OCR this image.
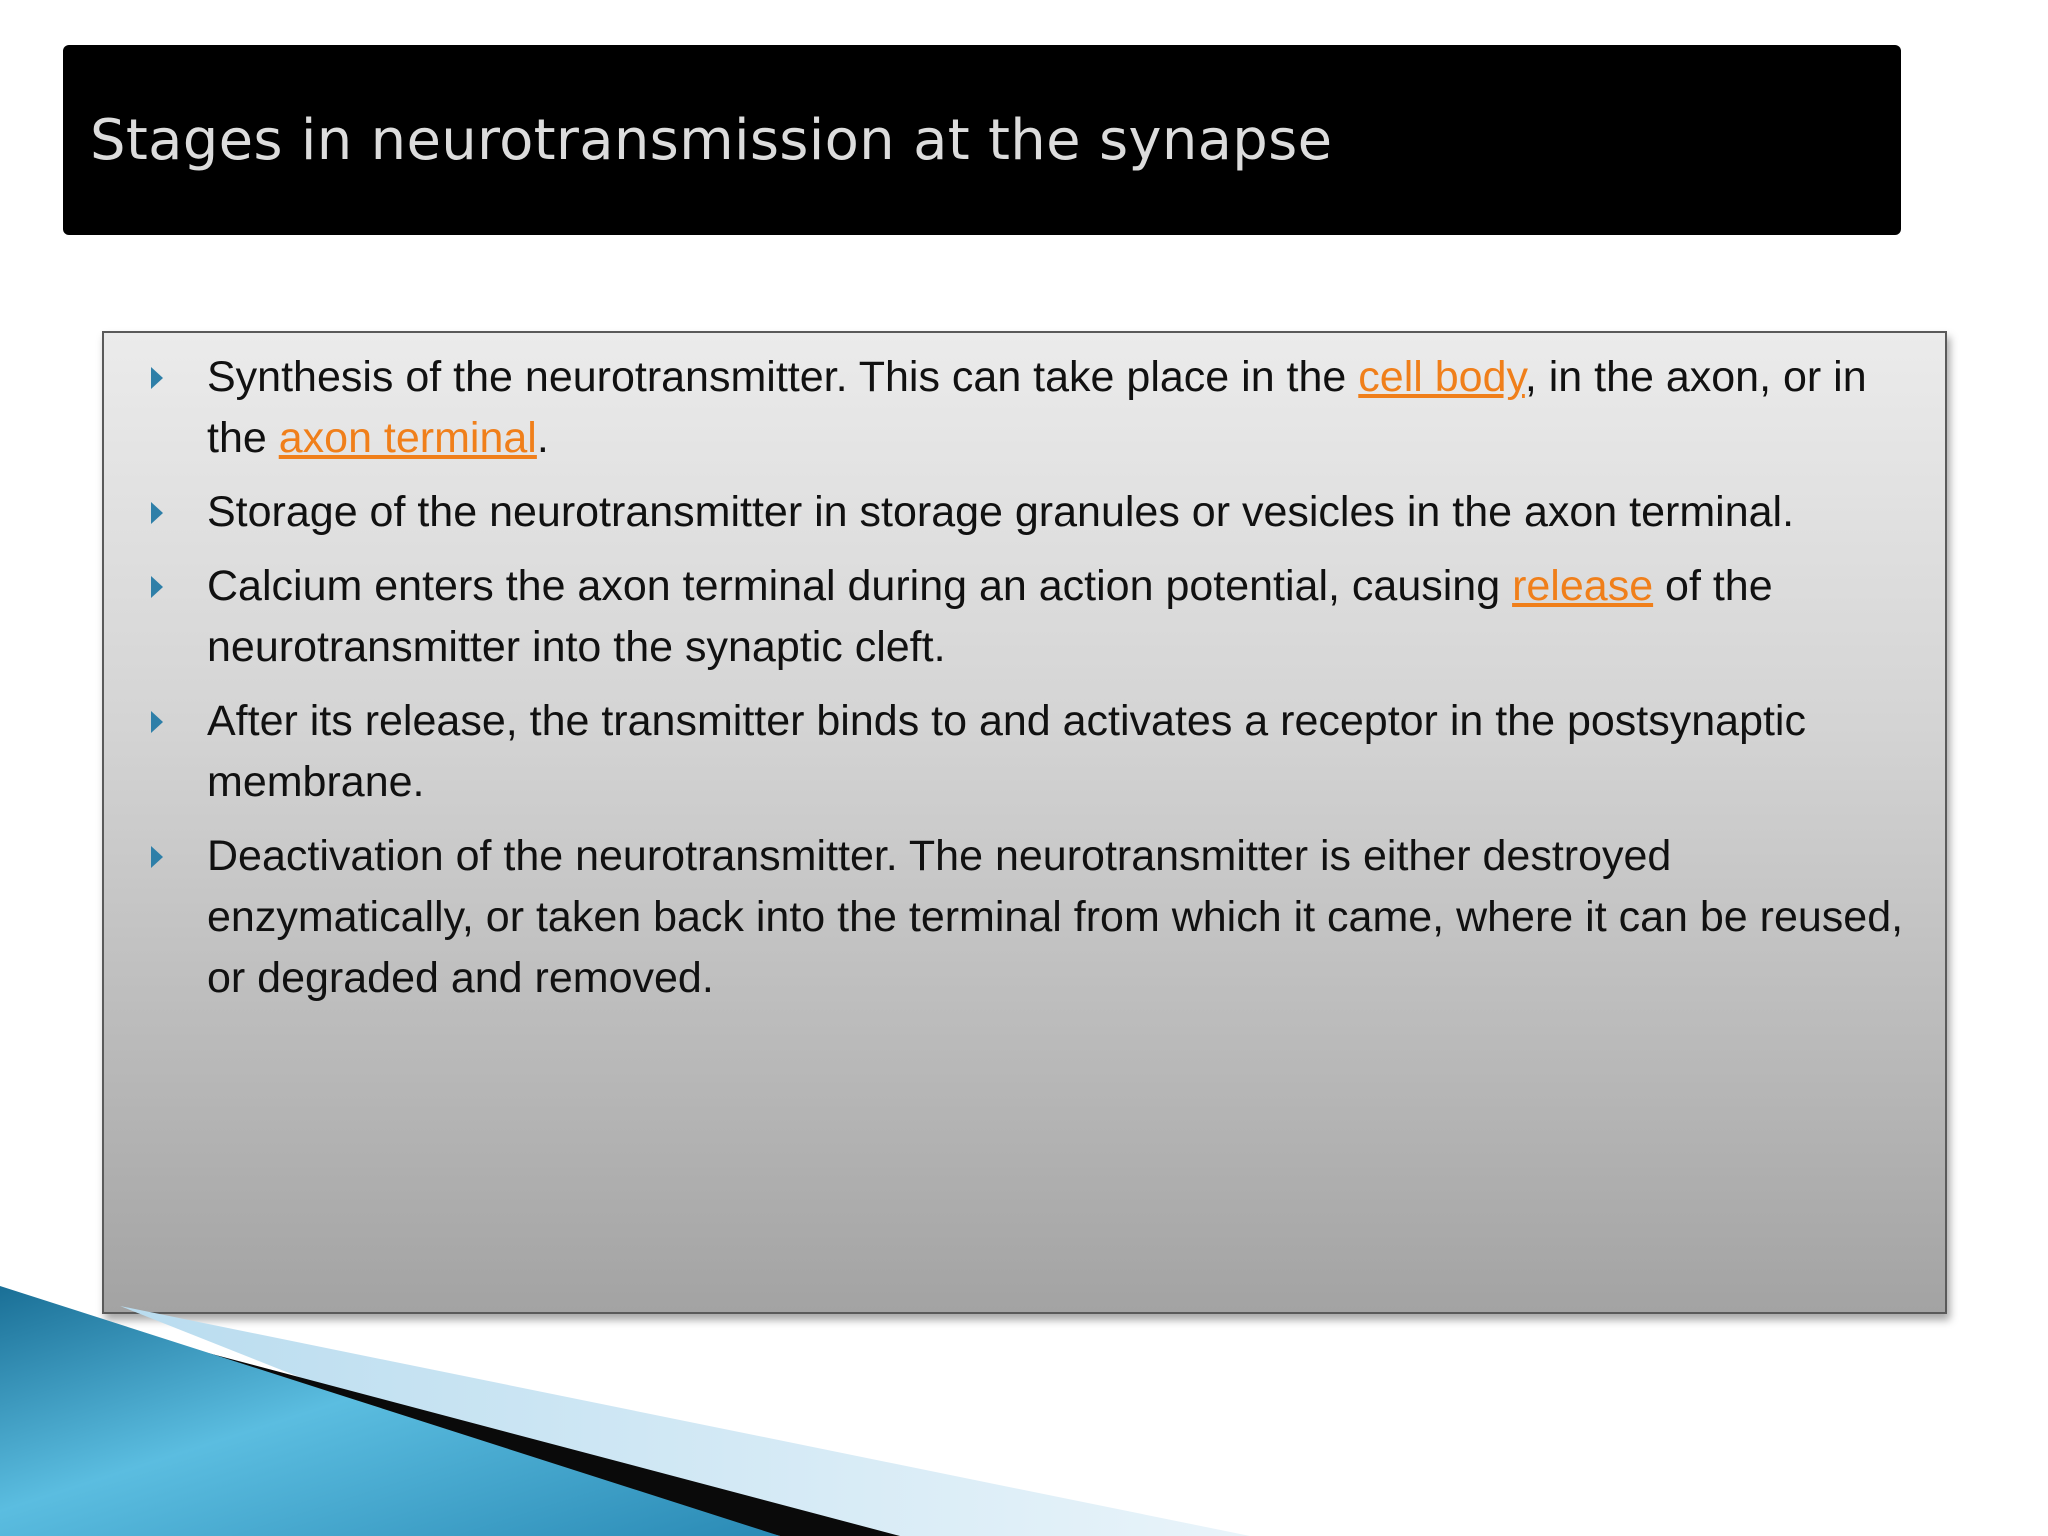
Stages in neurotransmission at the synapse
Synthesis of the neurotransmitter. This can take place in the cell body, in the axon, or in the axon terminal.
Storage of the neurotransmitter in storage granules or vesicles in the axon terminal.
Calcium enters the axon terminal during an action potential, causing release of the neurotransmitter into the synaptic cleft.
After its release, the transmitter binds to and activates a receptor in the postsynaptic membrane.
Deactivation of the neurotransmitter. The neurotransmitter is either destroyed enzymatically, or taken back into the terminal from which it came, where it can be reused, or degraded and removed.
